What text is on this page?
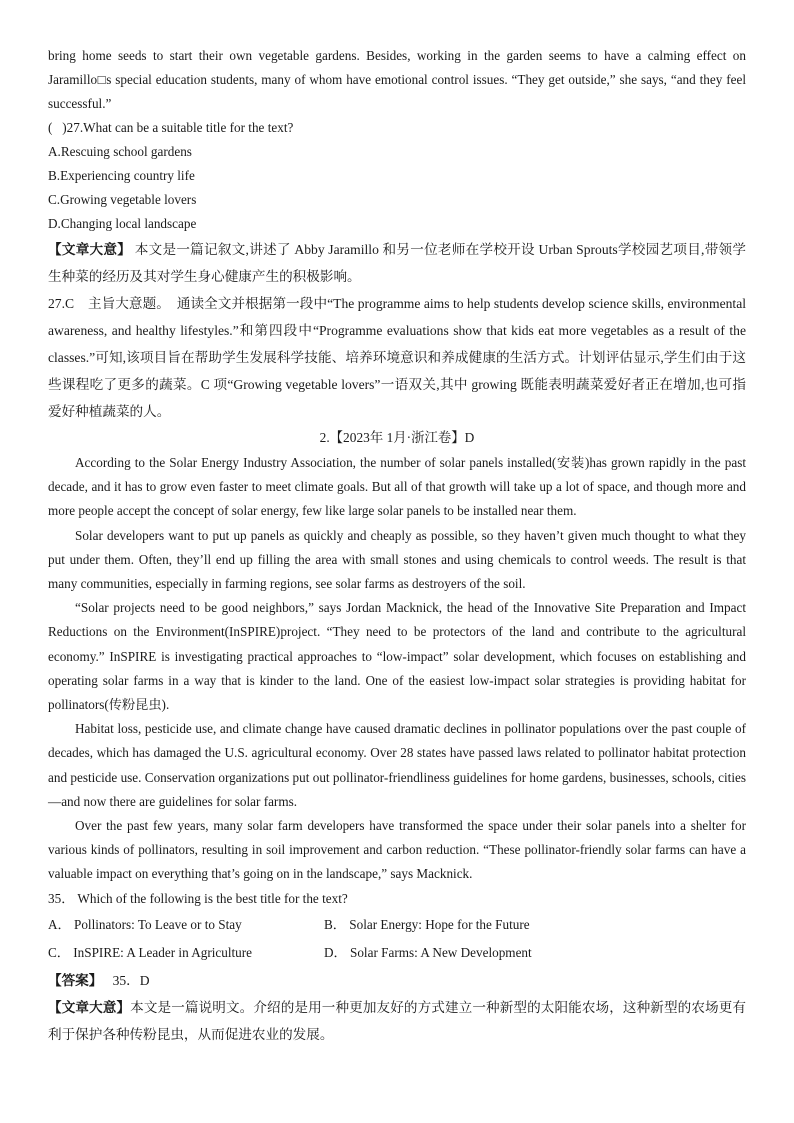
bring home seeds to start their own vegetable gardens. Besides, working in the garden seems to have a calming effect on Jaramillo□s special education students, many of whom have emotional control issues. “They get outside,” she says, “and they feel successful.”

(   )27.What can be a suitable title for the text?

A.Rescuing school gardens

B.Experiencing country life

C.Growing vegetable lovers

D.Changing local landscape

【文章大意】 本文是一篇记叙文,讲述了 Abby Jaramillo 和另一位老师在学校开设 Urban Sprouts学校园艺项目,带领学生种菜的经历及其对学生身心健康产生的积极影响。

27.C 主旨大意题。  通读全文并根据第一段中“The programme aims to help students develop science skills, environmental awareness, and healthy lifestyles.”和第四段中“Programme evaluations show that kids eat more vegetables as a result of the classes.”可知,该项目旨在帮助学生发展科学技能、培养环境意识和养成健康的生活方式。计划评估显示,学生们由于这些课程吃了更多的蔬菜。C 项“Growing vegetable lovers”一语双关,其中 growing 既能表明蔬菜爱好者正在增加,也可指爱好种植蔬菜的人。

2.【2023年 1月·浙江卷】D

According to the Solar Energy Industry Association, the number of solar panels installed(安装)has grown rapidly in the past decade, and it has to grow even faster to meet climate goals. But all of that growth will take up a lot of space, and though more and more people accept the concept of solar energy, few like large solar panels to be installed near them.

Solar developers want to put up panels as quickly and cheaply as possible, so they haven’t given much thought to what they put under them. Often, they’ll end up filling the area with small stones and using chemicals to control weeds. The result is that many communities, especially in farming regions, see solar farms as destroyers of the soil.

“Solar projects need to be good neighbors,” says Jordan Macknick, the head of the Innovative Site Preparation and Impact Reductions on the Environment(InSPIRE)project. “They need to be protectors of the land and contribute to the agricultural economy.” InSPIRE is investigating practical approaches to “low-impact” solar development, which focuses on establishing and operating solar farms in a way that is kinder to the land. One of the easiest low-impact solar strategies is providing habitat for pollinators(传粉昆虫).

Habitat loss, pesticide use, and climate change have caused dramatic declines in pollinator populations over the past couple of decades, which has damaged the U.S. agricultural economy. Over 28 states have passed laws related to pollinator habitat protection and pesticide use. Conservation organizations put out pollinator-friendliness guidelines for home gardens, businesses, schools, cities—and now there are guidelines for solar farms.

Over the past few years, many solar farm developers have transformed the space under their solar panels into a shelter for various kinds of pollinators, resulting in soil improvement and carbon reduction. “These pollinator-friendly solar farms can have a valuable impact on everything that’s going on in the landscape,” says Macknick.

35． Which of the following is the best title for the text?

A． Pollinators: To Leave or to Stay	B． Solar Energy: Hope for the Future
C． InSPIRE: A Leader in Agriculture	D． Solar Farms: A New Development

【答案】 35．D

【文章大意】本文是一篇说明文。介绍的是用一种更加友好的方式建立一种新型的太阳能农场，这种新型的农场更有利于保护各种传粉昆虫，从而促进农业的发展。
